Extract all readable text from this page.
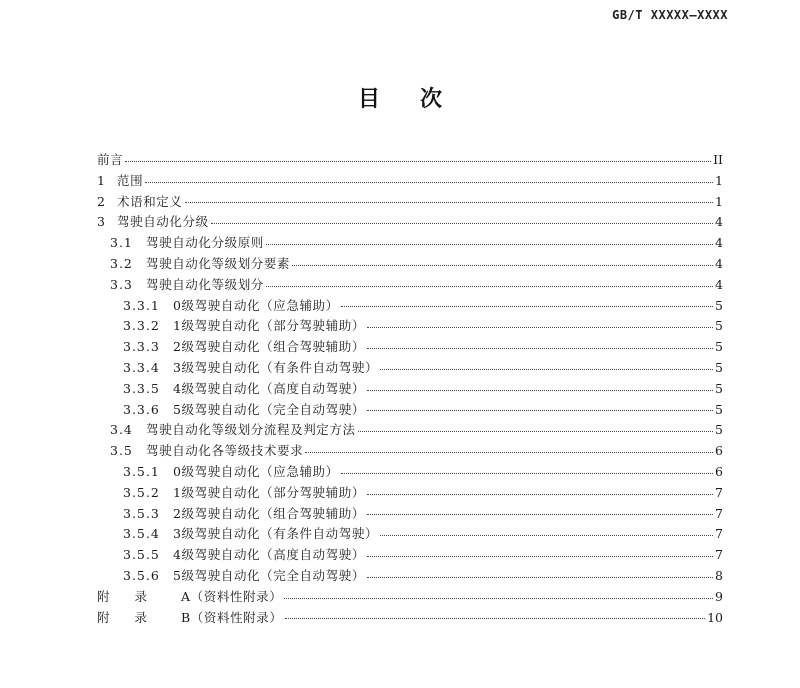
GB/T XXXXX—XXXX
目次
前言	II
1 范围	1
2 术语和定义	1
3 驾驶自动化分级	4
3.1	驾驶自动化分级原则	4
3.2	驾驶自动化等级划分要素	4
3.3	驾驶自动化等级划分	4
3.3.1	0级驾驶自动化（应急辅助）	5
3.3.2	1级驾驶自动化（部分驾驶辅助）	5
3.3.3	2级驾驶自动化（组合驾驶辅助）	5
3.3.4	3级驾驶自动化（有条件自动驾驶）	5
3.3.5	4级驾驶自动化（高度自动驾驶）	5
3.3.6	5级驾驶自动化（完全自动驾驶）	5
3.4	驾驶自动化等级划分流程及判定方法	5
3.5	驾驶自动化各等级技术要求	6
3.5.1	0级驾驶自动化（应急辅助）	6
3.5.2	1级驾驶自动化（部分驾驶辅助）	7
3.5.3	2级驾驶自动化（组合驾驶辅助）	7
3.5.4	3级驾驶自动化（有条件自动驾驶）	7
3.5.5	4级驾驶自动化（高度自动驾驶）	7
3.5.6	5级驾驶自动化（完全自动驾驶）	8
附　　录	A（资料性附录）	9
附　　录	B（资料性附录）	10
